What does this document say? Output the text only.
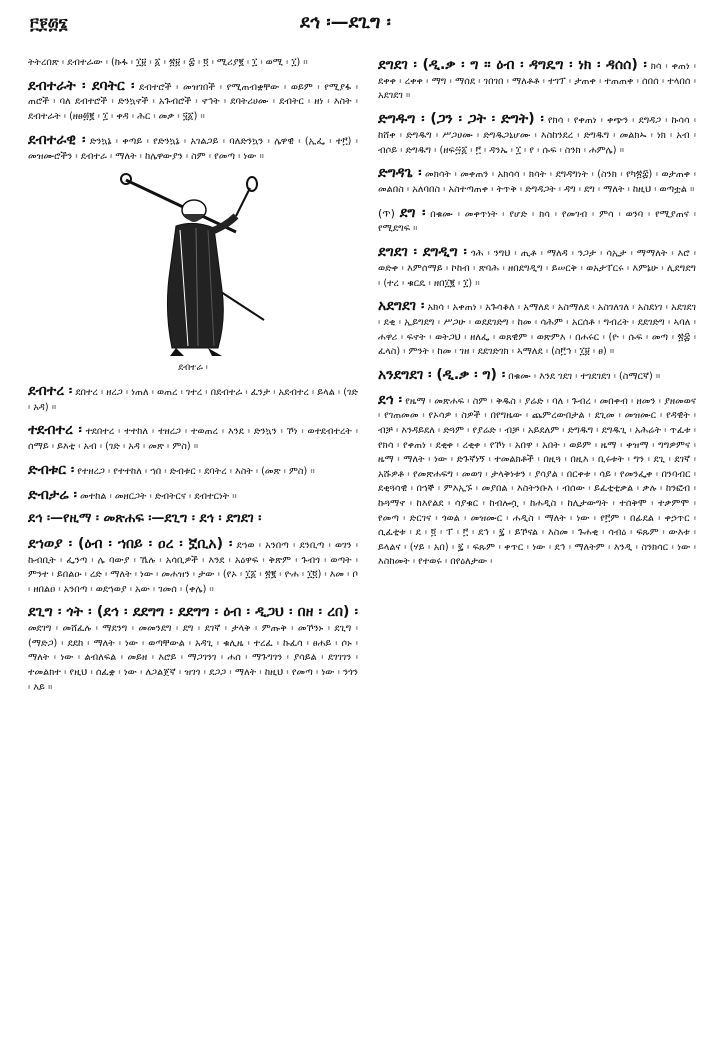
፫፻፴፮	ደኅ ፡—ደጊግ ፡

ትትረበጽ ፡ ደብተራው ፡ (ኩፋ ፡ ፲፱ ፡ ፩ ፡ ፳፱ ፡ ፰ ፡ ፬ ፡ ሚሪያ፪ ፡ ፲ ፡ ወሚ ፡ ፲) ።

ደብተራት ፡ ደባትር ፡ ደብተሮች ፡ መዝገበች ፡ የሚጠብቋቸው ፡ ወይም ፡ የሚያፋ ፡ ጠሮች ፡ ባለ ደብተሮች ፡ ድንኳኖች ፡ አጉብሮች ፡ ኖኅት ፡ ደባትሪሀሙ ፡ ደብትር ፡ ዘነ ፡ እስት ፡ ደብተራት ፡ (ዘፀ፴፪ ፡ ፲ ፡ ቀዳ ፡ ሕር ፡ መቃ ፡ ፶፩) ።

ደብተራዊ ፡ ድንኳኔ ፡ ቀጣይ ፡ የድንኳኔ ፡ አገልጋይ ፡ ባለድንኳን ፡ ሌዋዊ ፡ (ኢፌ ፡ ተ፫) ፡ መዝሙሮችን ፡ ደብተራ ፡ ማለት ፡ ከሌዋውያን ፡ ስም ፡ የመጣ ፡ ነው ።

ደብተራ ፡

ደብተረ ፡ ደበተረ ፡ ዘረጋ ፡ ነጠለ ፡ ወጠረ ፡ ገተረ ፡ በደብተራ ፡ ፈንታ ፡ አደብተረ ፡ ይላል ፡ (ገድ ፡ አዳ) ።

ተደብተረ ፡ ተደበተረ ፡ ተተከለ ፡ ተዘረጋ ፡ ተወጠረ ፡ እንደ ፡ ድንኳን ፡ ኾነ ፡ ወተደብተረት ፡ ሰማይ ፡ ይእቲ ፡ አብ ፡ (ገድ ፡ አዳ ፡ መጽ ፡ ምስ) ።

ድብቱር ፡ የተዘረጋ ፡ የተተከለ ፡ ኀበ ፡ ድብቱር ፡ ደባትረ ፡ እስት ፡ (መጽ ፡ ምስ) ።

ድብታሬ ፡ መተከል ፡ መዘርጋት ፡ ድብትርና ፡ ደብተርነት ።

ደኅ ፡—የዚማ ፡ መጽሐፍ ፡—ደጊግ ፡ ደኅ ፡ ደግደገ ፡

ደኀወያ ፡ (ዕብ ፡ ኀበይ ፡ ዐረ ፡ ኟቢአ) ፡ ደኀወ ፡ አንበጣ ፡ ደንቢጣ ፡ ወገን ፡ ኩብቢት ፡ ፌንጣ ፡ ሌ ባውያ ፡ ኼሉ ፡ አሳቢዎች ፡ እንደ ፡ አዕዋፍ ፡ ቅጽም ፡ ጉብጎ ፡ ወጣት ፡ ምንተ ፡ ይበልዑ ፡ ረድ ፡ ማለት ፡ ነው ፡ መሐዝን ፡ ታው ፡ (የኦ ፡ ፲፩ ፡ ፳፪ ፡ ዮሐ ፡ ፲፬) ፡ እመ ፡ ቦ ፡ ዘበልዐ ፡ አንበጣ ፡ ወደኀወያ ፡ አው ፡ ገመሰ ፡ (ቀሌ) ።

ደጊግ ፡ ጎት ፡ (ደኅ ፡ ደደግግ ፡ ደደግግ ፡ ዕብ ፡ ዲጋህ ፡ በዘ ፡ ረበ) ፡ መደገግ ፡ መሸፈሉ ፡ ማደንግ ፡ መመንደግ ፡ ደግ ፡ ደገኛ ፡ ታላቅ ፡ ምጡቅ ፡ መኾንኑ ፡ ደጊግ ፡ (ማድጋ) ፡ ደደከ ፡ ማለት ፡ ነው ፡ ወጣቸውል ፡ አዳጊ ፡ ቁሊዜ ፡ ተረፈ ፡ ኩፈሳ ፡ ፀሐይ ፡ ሶኑ ፡ ማለት ፡ ነው ፡ ልብለፍል ፡ መይዘ ፡ እሮይ ፡ ማጋገንገ ፡ ሐሰ ፡ ማጉግገን ፡ ያሳይል ፡ ደገገገን ፡ ተመልክተ ፡ የዚህ ፡ ሰፈቋ ፡ ነው ፡ ለጋልጀኛ ፡ ዝገጎ ፡ ደጋጋ ፡ ማለት ፡ ከዚህ ፡ የመጣ ፡ ነው ፡ ንጎን ፡ እይ ።

ደግደገ ፡ (ዲ.ቃ ፡ ግ ። ዕብ ፡ ዳግዴግ ፡ ነክ ፡ ዳሰሰ) ፡ ክሳ ፡ ቀጠነ ፡ ደቀቀ ፡ ረቀቀ ፡ ማግ ፡ ማሰደ ፡ ገበገበ ፡ ማለቶቶ ፡ ተገፕ ፡ ታጠቀ ፡ ተጠጠቀ ፡ ሰበሰ ፡ ተላበሰ ፡ አደገደገ ።

ድግዱግ ፡ (ጋን ፡ ጋት ፡ ድግት) ፡ የክሳ ፡ የቀጠነ ፡ ቀጭን ፡ ደግዳጋ ፡ ኩሳሳ ፡ ከሸቀ ፡ ድግዱግ ፡ ሥጋሀሙ ፡ ድግዱጋኒሆሙ ፡ እስከንደረ ፡ ድግዱግ ፡ መልክኡ ፡ ነክ ፡ አብ ፡ ብሶይ ፡ ድግዱግ ፡ (ዘፍ፵፩ ፡ ፫ ፡ ዳንኤ ፡ ፲ ፡ የ ፡ ሱፍ ፡ ስንክ ፡ ሐምሌ) ።

ድግዳጌ ፡ መክሳት ፡ መቀጠን ፡ አክሳሳ ፡ ክሳት ፡ ደግዳግነት ፡ (ስንክ ፡ የካ፳፰) ፡ ወታጠቀ ፡ መልበስ ፡ አለባበስ ፡ አስተጣጠቀ ፡ ትጥቅ ፡ ድግዳጋት ፡ ዳግ ፡ ደግ ፡ ማለት ፡ ከዚህ ፡ ወጣቷል ።

(ጥ) ደግ ፡ በቁሙ ፡ መቀጥነት ፡ የሆድ ፡ ክሳ ፡ የመገብ ፡ ምሳ ፡ ወንባ ፡ የሚያጠና ፡ የሚደግፍ ።

ደግደገ ፡ ደግዲግ ፡ ጎሕ ፡ ንግህ ፡ ጢቶ ፡ ማለዳ ፡ ንጋታ ፡ ሳኢታ ፡ ማማለት ፡ እሮ ፡ ወድቀ ፡ እምሰማይ ፡ ኮከብ ፡ ጽባሕ ፡ ዘበደግዲግ ፡ ይሠርቅ ፡ ወአታፐርሩ ፡ እምኔሁ ፡ ሊደግደግ ፡ (ተረ ፡ ቁርዴ ፡ ዘበ፲፪ ፡ ፲) ።

አደግደገ ፡ አክሳ ፡ አቀጠነ ፡ አጉሳቆለ ፡ አማለደ ፡ አስማለደ ፡ አስገለገለ ፡ አስደነገ ፡ አደገደገ ፡ ደቂ ፡ ኢይግደግ ፡ ሥጋሁ ፡ ወደደገድግ ፡ ከመ ፡ ሳሕም ፡ አርሰቶ ፡ ግብረት ፡ ደደገድግ ፡ ኣባለ ፡ ሐዋሪ ፡ ፍኖት ፡ ወትጋህ ፡ ዘለፌ ፡ ወጸዊም ፡ ወጽምእ ፡ በሐሩር ፡ (ዮ ፡ ሱፍ ፡ መጣ ፡ ፳፰ ፡ ፈላስ) ፡ ምንት ፡ ከመ ፡ ገዘ ፡ ደደገድገክ ፡ ኣማለደ ፡ (ስ፫ኅ ፡ ፲፱ ፡ ፀ) ።

አንደግደገ ፡ (ዲ.ቃ ፡ ግ) ፡ በቁሙ ፡ እንደ ገደገ ፡ ተገደገደገ ፡ (ስማርኛ) ።

ደኅ ፡ የዜማ ፡ መጽሐፍ ፡ ስም ፡ ቅዱስ ፡ ያሬድ ፡ ባለ ፡ ጉብረ ፡ መበቀብ ፡ ዘመን ፡ ያዘመወና ፡ የገጠመመ ፡ የኦሳዎ ፡ ስዎች ፡ በየግዜው ፡ ጨምረውበታል ፡ ደጊመ ፡ መዝሙር ፡ የዳዊት ፡ ብቻ ፡ እንዳይደለ ፡ ድጓም ፡ የያሬድ ፡ ብቻ ፡ አይደለም ፡ ድግዱግ ፡ ደግዱጊ ፡ አሕሬት ፡ ጥፈቱ ፡ የክሳ ፡ የቀጠነ ፡ ደቂቀ ፡ ረቂቀ ፡ የኾነ ፡ አበዋ ፡ አበት ፡ ወይም ፡ ዜማ ፡ ቀዝማ ፡ ግግዎምና ፡ ዜማ ፡ ማለት ፡ ነው ፡ ድጉኛነኝ ፡ ተመልክቶች ፡ በዚጓ ፡ በዚእ ፡ ቢሩቱት ፡ ግን ፡ ደጊ ፡ ደገኛ ፡ አሹዎቶ ፡ የመጽሐፍግ ፡ መወገ ፡ ታላቅነቱን ፡ ያሳያል ፡ በርቀቱ ፡ ሳይ ፡ የመንፌቀ ፡ በንባብር ፡ ደቂጓሳዊ ፡ በኀኞ ፡ ምእኢኙ ፡ መያበል ፡ እስትንቡእ ፡ ብሰው ፡ ይፈቲቲቃል ፡ ቃሉ ፡ ከንፎብ ፡ ኩጓማኖ ፡ ከእየልደ ፡ ሳያቁር ፡ ከብሎሷ ፡ ከሐዲስ ፡ ከሊታውግት ፡ ተሰቅሞ ፡ ተቃምሞ ፡ የመጣ ፡ ድርገና ፡ ጎወል ፡ መዝሙር ፡ ሐዲስ ፡ ማለት ፡ ነው ፡ የ፫ም ፡ በፊደል ፡ ቀኃጥር ፡ ሲፈቲቱ ፡ ደ ፡ ፬ ፡ ፐ ፡ ፫ ፡ ደኅ ፡ ፯ ፡ ይኾናል ፡ እስመ ፡ ጉሐቂ ፡ ሳብዕ ፡ ፍጹም ፡ ውእቱ ፡ ይላልና ፡ (ሃይ ፡ አበ) ፡ ፯ ፡ ፍጹም ፡ ቀጥር ፡ ነው ፡ ደኅ ፡ ማለትም ፡ እንዲ ፡ ስንክሳር ፡ ነው ፡ እስከመት ፡ የተወሩ ፡ በየዕለታው ፡
